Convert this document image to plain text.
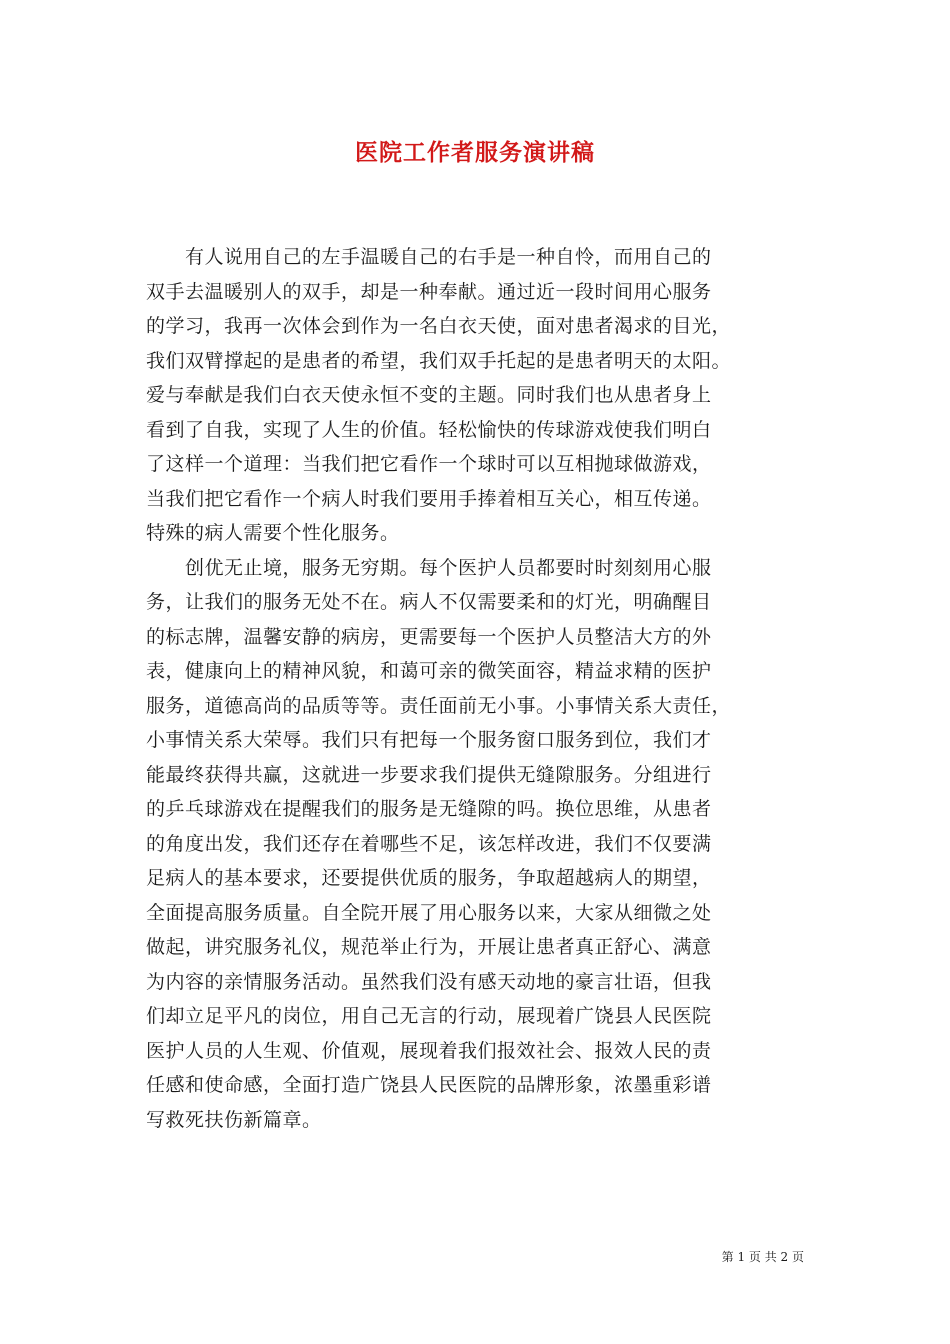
医院工作者服务演讲稿
　　有人说用自己的左手温暖自己的右手是一种自怜，而用自己的
双手去温暖别人的双手，却是一种奉献。通过近一段时间用心服务
的学习，我再一次体会到作为一名白衣天使，面对患者渴求的目光，
我们双臂撑起的是患者的希望，我们双手托起的是患者明天的太阳。
爱与奉献是我们白衣天使永恒不变的主题。同时我们也从患者身上
看到了自我，实现了人生的价值。轻松愉快的传球游戏使我们明白
了这样一个道理：当我们把它看作一个球时可以互相抛球做游戏，
当我们把它看作一个病人时我们要用手捧着相互关心，相互传递。
特殊的病人需要个性化服务。
　　创优无止境，服务无穷期。每个医护人员都要时时刻刻用心服
务，让我们的服务无处不在。病人不仅需要柔和的灯光，明确醒目
的标志牌，温馨安静的病房，更需要每一个医护人员整洁大方的外
表，健康向上的精神风貌，和蔼可亲的微笑面容，精益求精的医护
服务，道德高尚的品质等等。责任面前无小事。小事情关系大责任，
小事情关系大荣辱。我们只有把每一个服务窗口服务到位，我们才
能最终获得共赢，这就进一步要求我们提供无缝隙服务。分组进行
的乒乓球游戏在提醒我们的服务是无缝隙的吗。换位思维，从患者
的角度出发，我们还存在着哪些不足，该怎样改进，我们不仅要满
足病人的基本要求，还要提供优质的服务，争取超越病人的期望，
全面提高服务质量。自全院开展了用心服务以来，大家从细微之处
做起，讲究服务礼仪，规范举止行为，开展让患者真正舒心、满意
为内容的亲情服务活动。虽然我们没有感天动地的豪言壮语，但我
们却立足平凡的岗位，用自己无言的行动，展现着广饶县人民医院
医护人员的人生观、价值观，展现着我们报效社会、报效人民的责
任感和使命感，全面打造广饶县人民医院的品牌形象，浓墨重彩谱
写救死扶伤新篇章。
第 1 页 共 2 页
